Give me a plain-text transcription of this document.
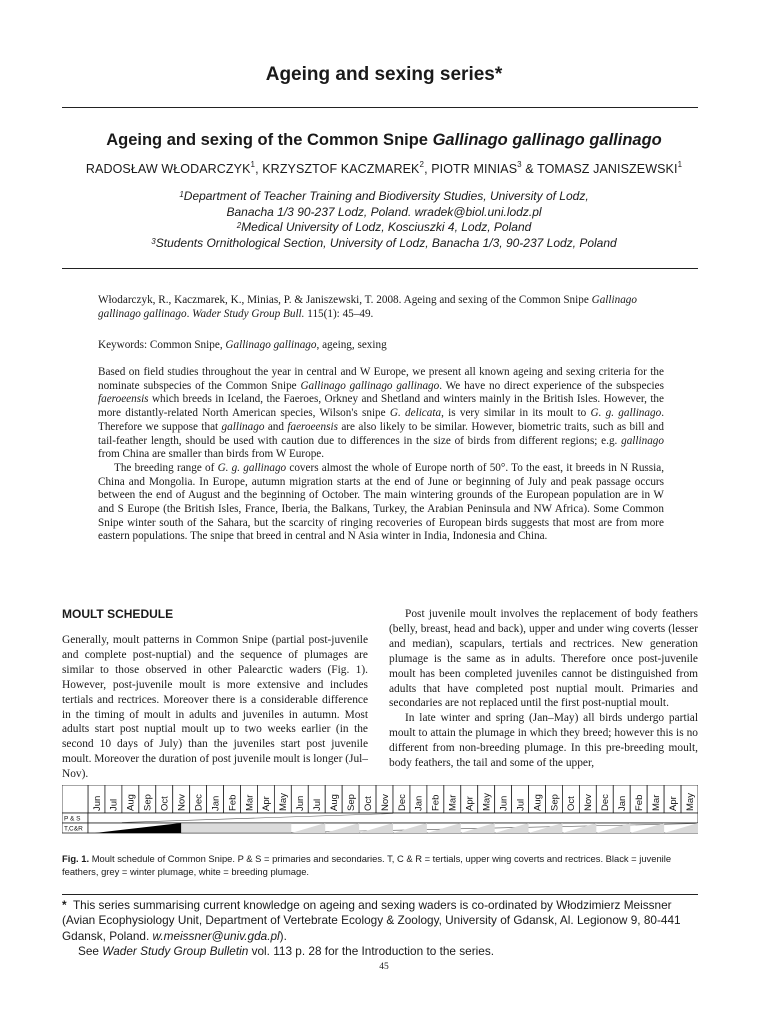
Ageing and sexing series*
Ageing and sexing of the Common Snipe Gallinago gallinago gallinago
RADOSŁAW WŁODARCZYK$^1$, KRZYSZTOF KACZMAREK$^2$, PIOTR MINIAS$^3$ & TOMASZ JANISZEWSKI$^1$
$^1$Department of Teacher Training and Biodiversity Studies, University of Lodz,
Banacha 1/3 90-237 Lodz, Poland. wradek@biol.uni.lodz.pl
$^2$Medical University of Lodz, Kosciuszki 4, Lodz, Poland
$^3$Students Ornithological Section, University of Lodz, Banacha 1/3, 90-237 Lodz, Poland
Włodarczyk, R., Kaczmarek, K., Minias, P. & Janiszewski, T. 2008. Ageing and sexing of the Common Snipe Gallinago gallinago gallinago. Wader Study Group Bull. 115(1): 45–49.
Keywords: Common Snipe, Gallinago gallinago, ageing, sexing

Based on field studies throughout the year in central and W Europe, we present all known ageing and sexing criteria for the nominate subspecies of the Common Snipe Gallinago gallinago gallinago. We have no direct experience of the subspecies faeroeensis which breeds in Iceland, the Faeroes, Orkney and Shetland and winters mainly in the British Isles. However, the more distantly-related North American species, Wilson's snipe G. delicata, is very similar in its moult to G. g. gallinago. Therefore we suppose that gallinago and faeroeensis are also likely to be similar. However, biometric traits, such as bill and tail-feather length, should be used with caution due to differences in the size of birds from different regions; e.g. gallinago from China are smaller than birds from W Europe.

The breeding range of G. g. gallinago covers almost the whole of Europe north of 50°. To the east, it breeds in N Russia, China and Mongolia. In Europe, autumn migration starts at the end of June or beginning of July and peak passage occurs between the end of August and the beginning of October. The main wintering grounds of the European population are in W and S Europe (the British Isles, France, Iberia, the Balkans, Turkey, the Arabian Peninsula and NW Africa). Some Common Snipe winter south of the Sahara, but the scarcity of ringing recoveries of European birds suggests that most are from more eastern populations. The snipe that breed in central and N Asia winter in India, Indonesia and China.

MOULT SCHEDULE

Generally, moult patterns in Common Snipe (partial post-juvenile and complete post-nuptial) and the sequence of plumages are similar to those observed in other Palearctic waders (Fig. 1). However, post-juvenile moult is more extensive and includes tertials and rectrices. Moreover there is a considerable difference in the timing of moult in adults and juveniles in autumn. Most adults start post nuptial moult up to two weeks earlier (in the second 10 days of July) than the juveniles start post juvenile moult. Moreover the duration of post juvenile moult is longer (Jul–Nov).

Post juvenile moult involves the replacement of body feathers (belly, breast, head and back), upper and under wing coverts (lesser and median), scapulars, tertials and rectrices. New generation plumage is the same as in adults. Therefore once post-juvenile moult has been completed juveniles cannot be distinguished from adults that have completed post nuptial moult. Primaries and secondaries are not replaced until the first post-nuptial moult.

In late winter and spring (Jan–May) all birds undergo partial moult to attain the plumage in which they breed; however this is no different from non-breeding plumage. In this pre-breeding moult, body feathers, the tail and some of the upper,

Jun Jul Aug Sep Oct Nov Dec Jan Feb Mar Apr May Jun Jul Aug Sep Oct Nov Dec Jan Feb Mar Apr May Jun Jul Aug Sep Oct Nov Dec Jan Feb Mar Apr May
P & S
T,C&R
Fig. 1. Moult schedule of Common Snipe. P & S = primaries and secondaries. T, C & R = tertials, upper wing coverts and rectrices. Black = juvenile feathers, grey = winter plumage, white = breeding plumage.

* This series summarising current knowledge on ageing and sexing waders is co-ordinated by Włodzimierz Meissner (Avian Ecophysiology Unit, Department of Vertebrate Ecology & Zoology, University of Gdansk, Al. Legionow 9, 80-441 Gdansk, Poland. w.meissner@univ.gda.pl).

See Wader Study Group Bulletin vol. 113 p. 28 for the Introduction to the series.

45
